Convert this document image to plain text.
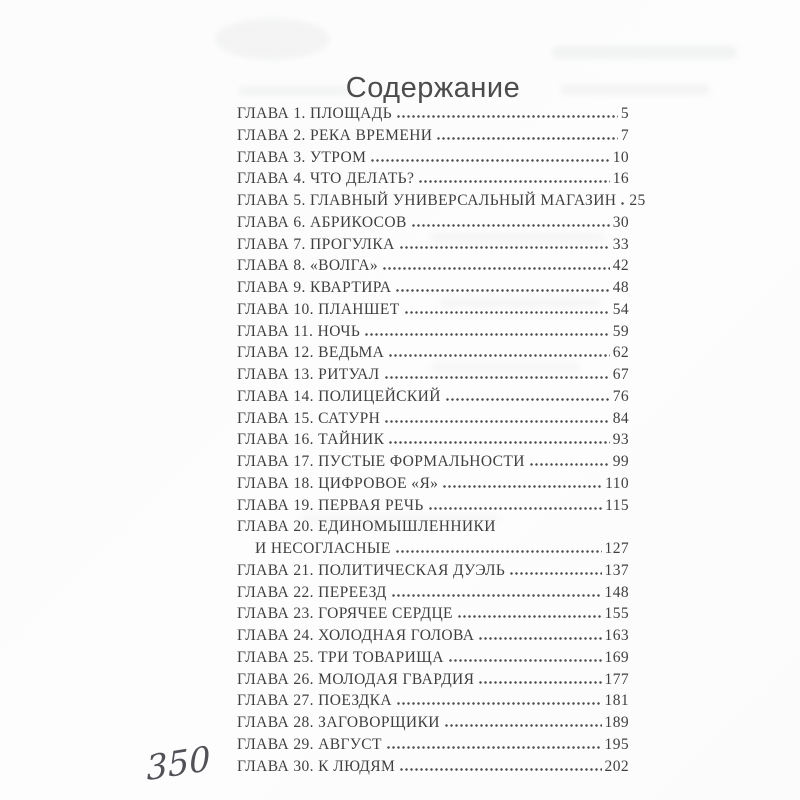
Содержание
ГЛАВА 1. ПЛОЩАДЬ	5
ГЛАВА 2. РЕКА ВРЕМЕНИ	7
ГЛАВА 3. УТРОМ	10
ГЛАВА 4. ЧТО ДЕЛАТЬ?	16
ГЛАВА 5. ГЛАВНЫЙ УНИВЕРСАЛЬНЫЙ МАГАЗИН 25
ГЛАВА 6. АБРИКОСОВ	30
ГЛАВА 7. ПРОГУЛКА	33
ГЛАВА 8. «ВОЛГА»	42
ГЛАВА 9. КВАРТИРА	48
ГЛАВА 10. ПЛАНШЕТ	54
ГЛАВА 11. НОЧЬ	59
ГЛАВА 12. ВЕДЬМА	62
ГЛАВА 13. РИТУАЛ	67
ГЛАВА 14. ПОЛИЦЕЙСКИЙ	76
ГЛАВА 15. САТУРН	84
ГЛАВА 16. ТАЙНИК	93
ГЛАВА 17. ПУСТЫЕ ФОРМАЛЬНОСТИ	99
ГЛАВА 18. ЦИФРОВОЕ «Я»	110
ГЛАВА 19. ПЕРВАЯ РЕЧЬ	115
ГЛАВА 20. ЕДИНОМЫШЛЕННИКИ
И НЕСОГЛАСНЫЕ	127
ГЛАВА 21. ПОЛИТИЧЕСКАЯ ДУЭЛЬ	137
ГЛАВА 22. ПЕРЕЕЗД	148
ГЛАВА 23. ГОРЯЧЕЕ СЕРДЦЕ	155
ГЛАВА 24. ХОЛОДНАЯ ГОЛОВА	163
ГЛАВА 25. ТРИ ТОВАРИЩА	169
ГЛАВА 26. МОЛОДАЯ ГВАРДИЯ	177
ГЛАВА 27. ПОЕЗДКА	181
ГЛАВА 28. ЗАГОВОРЩИКИ	189
ГЛАВА 29. АВГУСТ	195
ГЛАВА 30. К ЛЮДЯМ	202
350
